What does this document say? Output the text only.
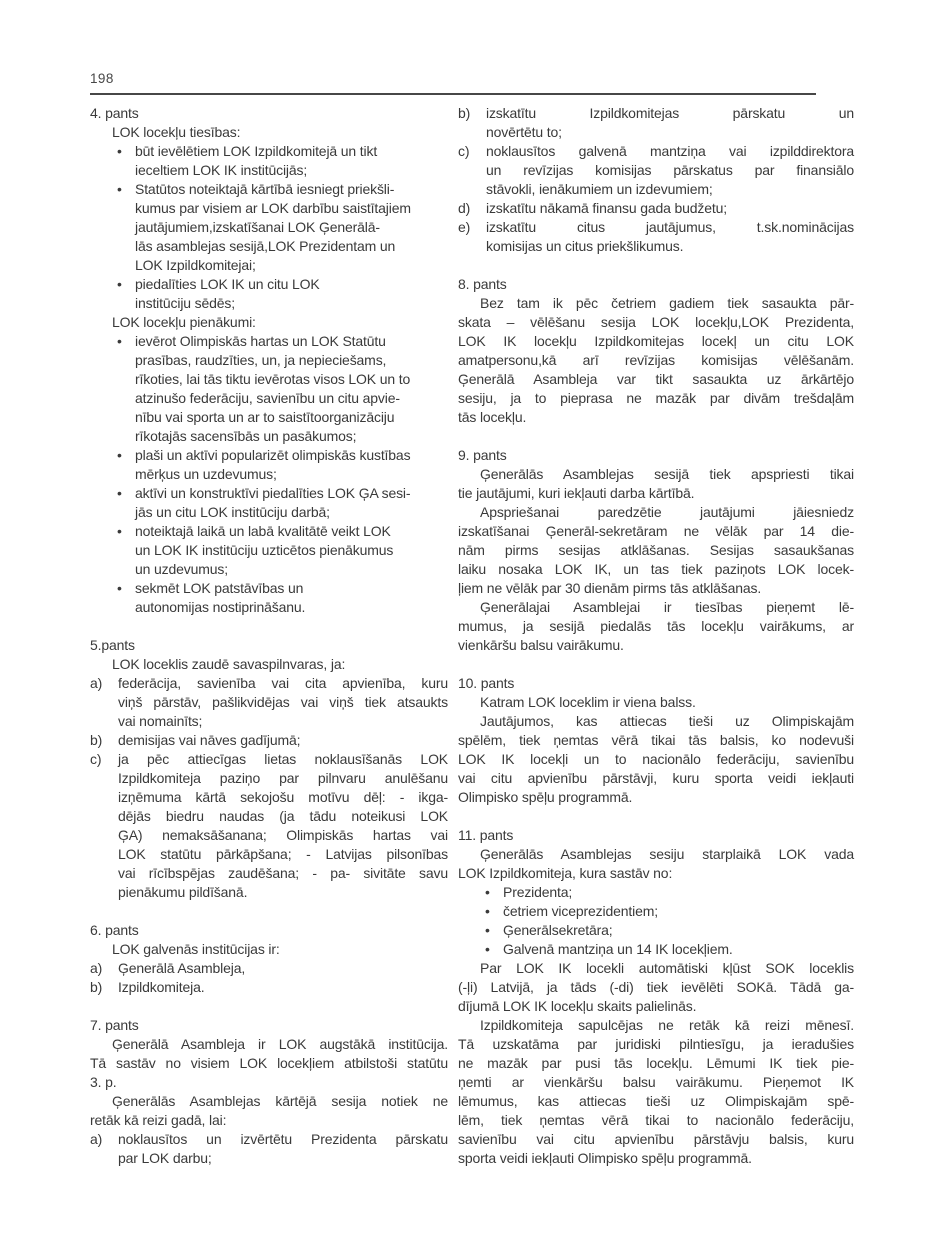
198
4. pants
LOK locekļu tiesības:
• būt ievēlētiem LOK Izpildkomitejā un tikt
ieceltiem LOK IK institūcijās;
• Statūtos noteiktajā kārtībā iesniegt priekšli-
kumus par visiem ar LOK darbību saistītajiem
jautājumiem,izskatīšanai LOK Ģenerālā-
lās asamblejas sesijā,LOK Prezidentam un
LOK Izpildkomitejai;
• piedalīties LOK IK un citu LOK
institūciju sēdēs;
LOK locekļu pienākumi:
• ievērot Olimpiskās hartas un LOK Statūtu
prasības, raudzīties, un, ja nepieciešams,
rīkoties, lai tās tiktu ievērotas visos LOK un to
atzinušo federāciju, savienību un citu apvie-
nību vai sporta un ar to saistītoorganizāciju
rīkotajās sacensībās un pasākumos;
• plaši un aktīvi popularizēt olimpiskās kustības
mērķus un uzdevumus;
• aktīvi un konstruktīvi piedalīties LOK ĢA sesi-
jās un citu LOK institūciju darbā;
• noteiktajā laikā un labā kvalitātē veikt LOK
un LOK IK institūciju uzticētos pienākumus
un uzdevumus;
• sekmēt LOK patstāvības un
autonomijas nostiprināšanu.
5.pants
LOK loceklis zaudē savaspilnvaras, ja:
a) federācija, savienība vai cita apvienība, kuru
viņš pārstāv, pašlikvidējas vai viņš tiek atsaukts
vai nomainīts;
b) demisijas vai nāves gadījumā;
c) ja pēc attiecīgas lietas noklausīšanās LOK
Izpildkomiteja paziņo par pilnvaru anulēšanu
izņēmuma kārtā sekojošu motīvu dēļ: - ikga-
dējās biedru naudas (ja tādu noteikusi LOK
ĢA) nemaksāšanana; Olimpiskās hartas vai
LOK statūtu pārkāpšana; - Latvijas pilsonības
vai rīcībspējas zaudēšana; - pa- sivitāte savu
pienākumu pildīšanā.
6. pants
LOK galvenās institūcijas ir:
a) Ģenerālā Asambleja,
b) Izpildkomiteja.
7. pants
Ģenerālā Asambleja ir LOK augstākā institūcija.
Tā sastāv no visiem LOK locekļiem atbilstoši statūtu
3. p.
Ģenerālās Asamblejas kārtējā sesija notiek ne
retāk kā reizi gadā, lai:
a) noklausītos un izvērtētu Prezidenta pārskatu
par LOK darbu;
b) izskatītu Izpildkomitejas pārskatu un
novērtētu to;
c) noklausītos galvenā mantziņa vai izpilddirektora
un revīzijas komisijas pārskatus par finansiālo
stāvokli, ienākumiem un izdevumiem;
d) izskatītu nākamā finansu gada budžetu;
e) izskatītu citus jautājumus, t.sk.nominācijas
komisijas un citus priekšlikumus.
8. pants
Bez tam ik pēc četriem gadiem tiek sasaukta pār-
skata – vēlēšanu sesija LOK locekļu,LOK Prezidenta,
LOK IK locekļu Izpildkomitejas locekļ un citu LOK
amatpersonu,kā arī revīzijas komisijas vēlēšanām.
Ģenerālā Asambleja var tikt sasaukta uz ārkārtējo
sesiju, ja to pieprasa ne mazāk par divām trešdaļām
tās locekļu.
9. pants
Ģenerālās Asamblejas sesijā tiek apspriesti tikai
tie jautājumi, kuri iekļauti darba kārtībā.
Apspriešanai paredzētie jautājumi jāiesniedz
izskatīšanai Ģenerāl-sekretāram ne vēlāk par 14 die-
nām pirms sesijas atklāšanas. Sesijas sasaukšanas
laiku nosaka LOK IK, un tas tiek paziņots LOK locek-
ļiem ne vēlāk par 30 dienām pirms tās atklāšanas.
Ģenerālajai Asamblejai ir tiesības pieņemt lē-
mumus, ja sesijā piedalās tās locekļu vairākums, ar
vienkāršu balsu vairākumu.
10. pants
Katram LOK loceklim ir viena balss.
Jautājumos, kas attiecas tieši uz Olimpiskajām
spēlēm, tiek ņemtas vērā tikai tās balsis, ko nodevuši
LOK IK locekļi un to nacionālo federāciju, savienību
vai citu apvienību pārstāvji, kuru sporta veidi iekļauti
Olimpisko spēļu programmā.
11. pants
Ģenerālās Asamblejas sesiju starplaikā LOK vada
LOK Izpildkomiteja, kura sastāv no:
• Prezidenta;
• četriem viceprezidentiem;
• Ģenerālsekretāra;
• Galvenā mantziņa un 14 IK locekļiem.
Par LOK IK locekli automātiski kļūst SOK loceklis
(-ļi) Latvijā, ja tāds (-di) tiek ievēlēti SOKā. Tādā ga-
dījumā LOK IK locekļu skaits palielinās.
Izpildkomiteja sapulcējas ne retāk kā reizi mēnesī.
Tā uzskatāma par juridiski pilntiesīgu, ja ieradušies
ne mazāk par pusi tās locekļu. Lēmumi IK tiek pie-
ņemti ar vienkāršu balsu vairākumu. Pieņemot IK
lēmumus, kas attiecas tieši uz Olimpiskajām spē-
lēm, tiek ņemtas vērā tikai to nacionālo federāciju,
savienību vai citu apvienību pārstāvju balsis, kuru
sporta veidi iekļauti Olimpisko spēļu programmā.
